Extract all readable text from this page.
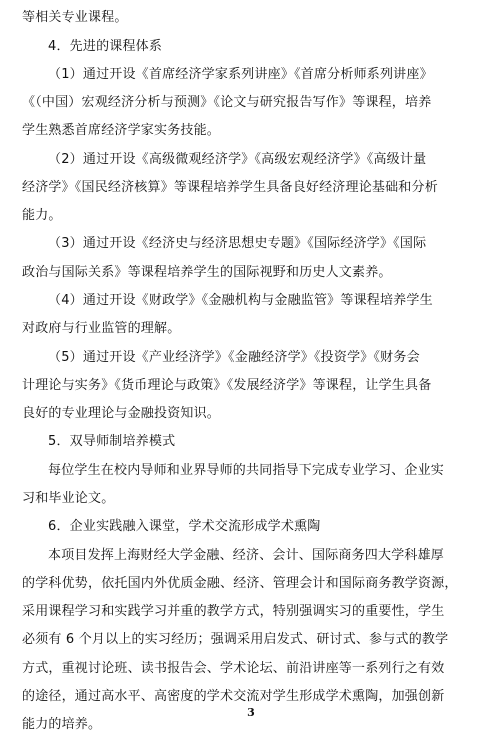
等相关专业课程。
4．先进的课程体系
（1）通过开设《首席经济学家系列讲座》《首席分析师系列讲座》
《（中国）宏观经济分析与预测》《论文与研究报告写作》等课程，培养
学生熟悉首席经济学家实务技能。
（2）通过开设《高级微观经济学》《高级宏观经济学》《高级计量
经济学》《国民经济核算》等课程培养学生具备良好经济理论基础和分析
能力。
（3）通过开设《经济史与经济思想史专题》《国际经济学》《国际
政治与国际关系》等课程培养学生的国际视野和历史人文素养。
（4）通过开设《财政学》《金融机构与金融监管》等课程培养学生
对政府与行业监管的理解。
（5）通过开设《产业经济学》《金融经济学》《投资学》《财务会
计理论与实务》《货币理论与政策》《发展经济学》等课程，让学生具备
良好的专业理论与金融投资知识。
5．双导师制培养模式
每位学生在校内导师和业界导师的共同指导下完成专业学习、企业实
习和毕业论文。
6．企业实践融入课堂，学术交流形成学术熏陶
本项目发挥上海财经大学金融、经济、会计、国际商务四大学科雄厚
的学科优势，依托国内外优质金融、经济、管理会计和国际商务教学资源，
采用课程学习和实践学习并重的教学方式，特别强调实习的重要性，学生
必须有 6 个月以上的实习经历；强调采用启发式、研讨式、参与式的教学
方式，重视讨论班、读书报告会、学术论坛、前沿讲座等一系列行之有效
的途径，通过高水平、高密度的学术交流对学生形成学术熏陶，加强创新
能力的培养。
3
